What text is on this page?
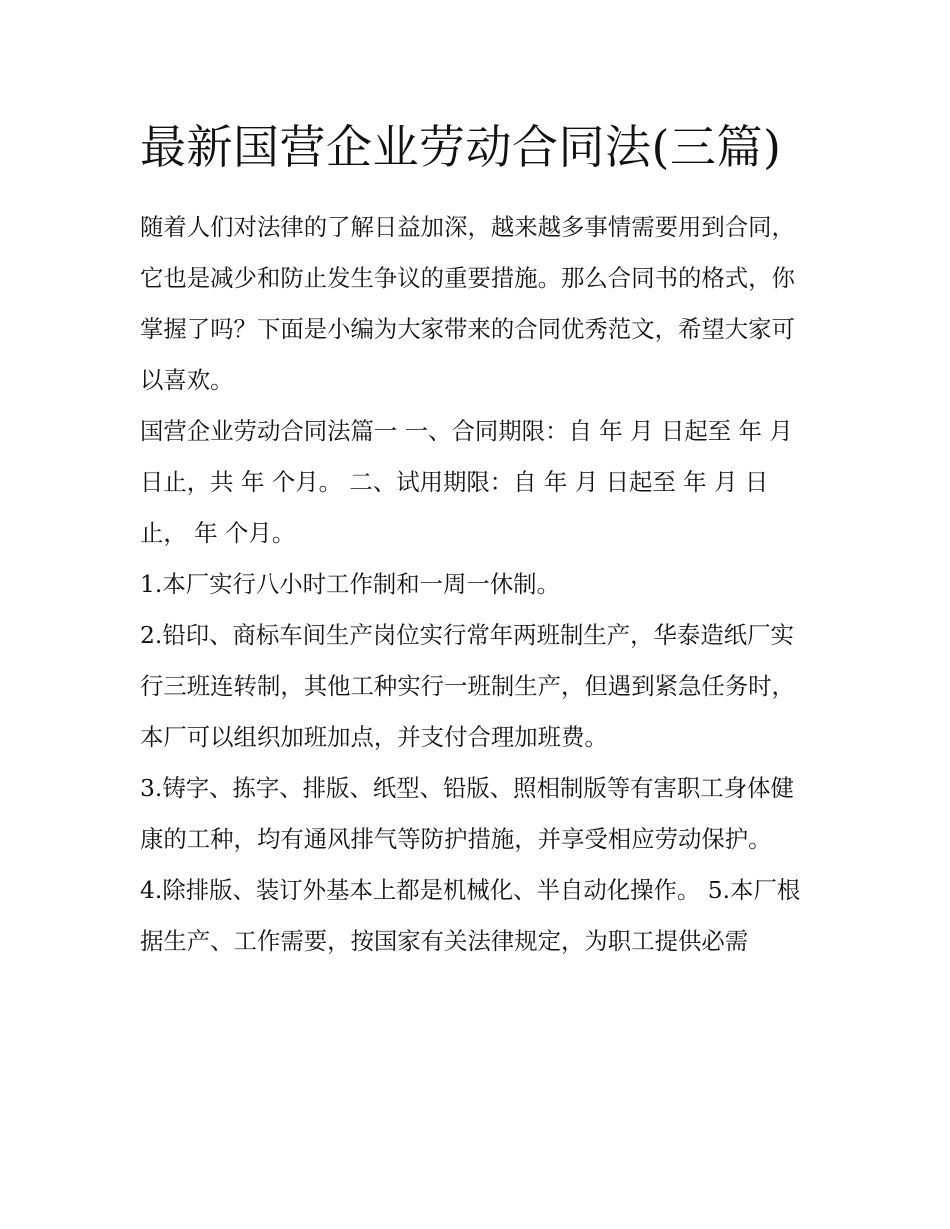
最新国营企业劳动合同法(三篇)

随着人们对法律的了解日益加深，越来越多事情需要用到合同，它也是减少和防止发生争议的重要措施。那么合同书的格式，你掌握了吗？下面是小编为大家带来的合同优秀范文，希望大家可以喜欢。

国营企业劳动合同法篇一 一、合同期限：自 年 月 日起至 年 月 日止，共 年 个月。 二、试用期限：自 年 月 日起至 年 月 日止， 年 个月。

1.本厂实行八小时工作制和一周一休制。

2.铅印、商标车间生产岗位实行常年两班制生产，华泰造纸厂实行三班连转制，其他工种实行一班制生产，但遇到紧急任务时，本厂可以组织加班加点，并支付合理加班费。

3.铸字、拣字、排版、纸型、铅版、照相制版等有害职工身体健康的工种，均有通风排气等防护措施，并享受相应劳动保护。

4.除排版、装订外基本上都是机械化、半自动化操作。 5.本厂根据生产、工作需要，按国家有关法律规定，为职工提供必需
